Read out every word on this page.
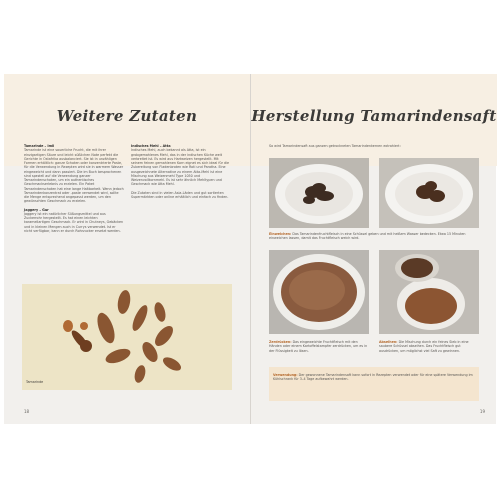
Weitere Zutaten
Tamarinde – Imli
Tamarinde ist eine sauerliche Frucht, die mit ihrer einzigartigen Säure und leicht süßlichen Note perfekt die Gerichte in Ostafrika ausbalanciert. Sie ist in unzähligen Formen erhältlich: ganze Schoten oder konzentrierte Paste, für die Verwendung in Rezepten wird sie in warmem Wasser eingeweicht und dann passiert. Die im Buch besprochenen sind speziell auf die Verwendung ganzer Tamarindenschoten, um ein authentisches Geschmackserlebnis zu erzielen. Ein Paket Tamarindenschoten hat eine lange Haltbarkeit. Wenn jedoch Tamarindenkonzentrat oder -paste verwendet wird, sollte die Menge entsprechend angepasst werden, um den gewünschten Geschmack zu erzielen.
Jaggery – Gur
Jaggery ist ein natürlicher Süßungsmittel und aus Zuckerrohr hergestellt. Es hat einen leichten karamellartigen Geschmack. Er wird in Chutneys, Gebäcken und in kleinen Mengen auch in Currys verwendet. Ist er nicht verfügbar, kann er durch Rohrzucker ersetzt werden.
Indisches Mehl – Atta
Indisches Mehl, auch bekannt als Atta, ist ein grobgemahlenes Mehl, das in der indischen Küche weit verbreitet ist. Es wird aus Hartweizen hergestellt. Mit seinem feinen gemahlenen Korn eignet es sich ideal für die Zubereitung von Fladenbroten wie Roti und Paratha. Eine ausgezeichnete Alternative zu einem Atta-Mehl ist eine Mischung aus Weizenmehl Type 1050 und Weizenvollkornmehl. Es ist sehr ähnlich Mehltypen und Geschmack wie Atta Mehl.
Die Zutaten sind in vielen Asia-Läden und gut sortierten Supermärkten oder online erhältlich und einfach zu finden.
Tamarinde
18
Herstellung Tamarindensaft
So wird Tamarindensaft aus ganzen getrockneten Tamarindenkernen extrahiert:
Einweichen: Das Tamarindenfruchtfleisch in eine Schüssel geben und mit heißem Wasser bedecken. Etwa 15 Minuten einweichen lassen, damit das Fruchtfleisch weich wird.
Zerdrücken: Das eingeweichte Fruchtfleisch mit den Händen oder einem Kartoffelstampfer zerdrücken, um es in der Flüssigkeit zu lösen.
Abseihen: Die Mischung durch ein feines Sieb in eine saubere Schüssel abseihen. Das Fruchtfleisch gut ausdrücken, um möglichst viel Saft zu gewinnen.
Verwendung: Der gewonnene Tamarindensaft kann sofort in Rezepten verwendet oder für eine spätere Verwendung im Kühlschrank für 3–4 Tage aufbewahrt werden.
19
